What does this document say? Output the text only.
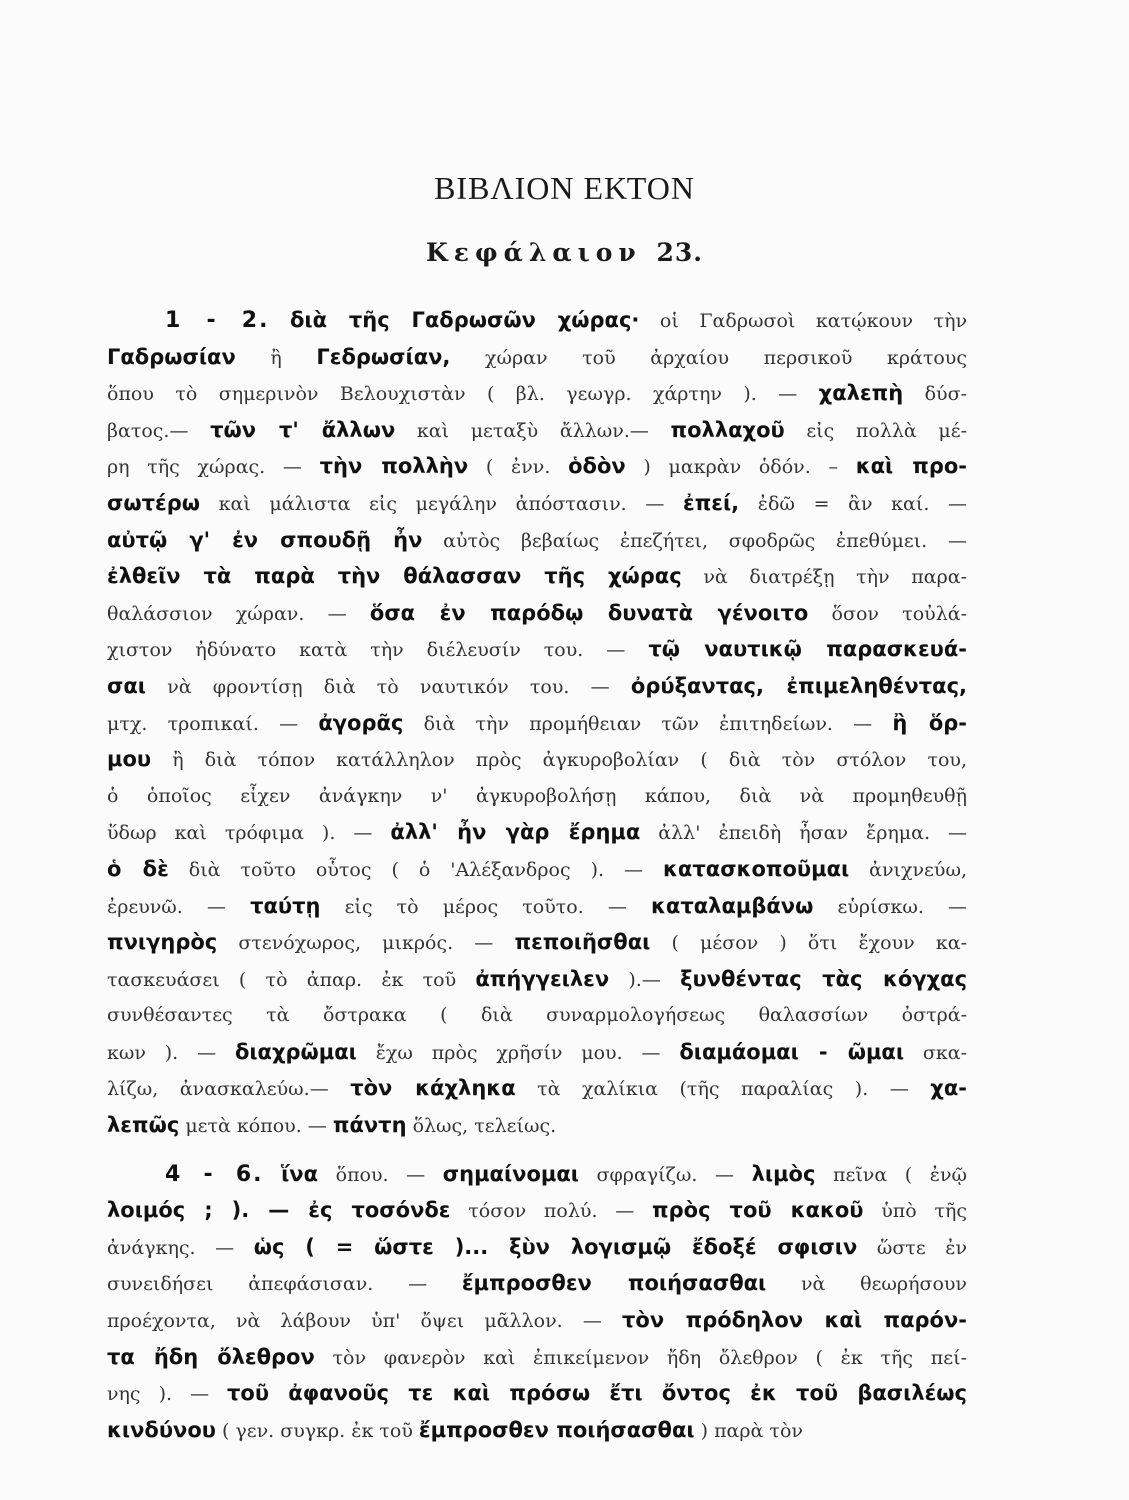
ΒΙΒΛΙΟΝ ΕΚΤΟΝ
Κεφάλαιον 23.
1 - 2. διὰ τῆς Γαδρωσῶν χώρας· οἱ Γαδρωσοὶ κατῴκουν τὴν
Γαδρωσίαν ἢ Γεδρωσίαν, χώραν τοῦ ἀρχαίου περσικοῦ κράτους
ὅπου τὸ σημερινὸν Βελουχιστὰν ( βλ. γεωγρ. χάρτην ). — χαλεπὴ δύσ-
βατος.— τῶν τ' ἄλλων καὶ μεταξὺ ἄλλων.— πολλαχοῦ εἰς πολλὰ μέ-
ρη τῆς χώρας. — τὴν πολλὴν ( ἐνν. ὁδὸν ) μακρὰν ὁδόν. – καὶ προ-
σωτέρω καὶ μάλιστα εἰς μεγάλην ἀπόστασιν. — ἐπεί, ἐδῶ = ἂν καί. —
αὐτῷ γ' ἐν σπουδῇ ἦν αὐτὸς βεβαίως ἐπεζήτει, σφοδρῶς ἐπεθύμει. —
ἐλθεῖν τὰ παρὰ τὴν θάλασσαν τῆς χώρας νὰ διατρέξῃ τὴν παρα-
θαλάσσιον χώραν. — ὅσα ἐν παρόδῳ δυνατὰ γένοιτο ὅσον τοὐλά-
χιστον ἠδύνατο κατὰ τὴν διέλευσίν του. — τῷ ναυτικῷ παρασκευά-
σαι νὰ φροντίσῃ διὰ τὸ ναυτικόν του. — ὀρύξαντας, ἐπιμεληθέντας,
μτχ. τροπικαί. — ἀγορᾶς διὰ τὴν προμήθειαν τῶν ἐπιτηδείων. — ἢ ὅρ-
μου ἢ διὰ τόπον κατάλληλον πρὸς ἀγκυροβολίαν ( διὰ τὸν στόλον του,
ὁ ὁποῖος εἶχεν ἀνάγκην ν' ἀγκυροβολήσῃ κάπου, διὰ νὰ προμηθευθῇ
ὕδωρ καὶ τρόφιμα ). — ἀλλ' ἦν γὰρ ἔρημα ἀλλ' ἐπειδὴ ἦσαν ἔρημα. —
ὁ δὲ διὰ τοῦτο οὗτος ( ὁ 'Αλέξανδρος ). — κατασκοποῦμαι ἀνιχνεύω,
ἐρευνῶ. — ταύτῃ εἰς τὸ μέρος τοῦτο. — καταλαμβάνω εὑρίσκω. —
πνιγηρὸς στενόχωρος, μικρός. — πεποιῆσθαι ( μέσον ) ὅτι ἔχουν κα-
τασκευάσει ( τὸ ἀπαρ. ἐκ τοῦ ἀπήγγειλεν ).— ξυνθέντας τὰς κόγχας
συνθέσαντες τὰ ὄστρακα ( διὰ συναρμολογήσεως θαλασσίων ὀστρά-
κων ). — διαχρῶμαι ἔχω πρὸς χρῆσίν μου. — διαμάομαι - ῶμαι σκα-
λίζω, ἀνασκαλεύω.— τὸν κάχληκα τὰ χαλίκια (τῆς παραλίας ). — χα-
λεπῶς μετὰ κόπου. — πάντη ὅλως, τελείως.
4 - 6. ἵνα ὅπου. — σημαίνομαι σφραγίζω. — λιμὸς πεῖνα ( ἐνῷ
λοιμός ; ). — ἐς τοσόνδε τόσον πολύ. — πρὸς τοῦ κακοῦ ὑπὸ τῆς
ἀνάγκης. — ὡς ( = ὥστε )... ξὺν λογισμῷ ἔδοξέ σφισιν ὥστε ἐν
συνειδήσει ἀπεφάσισαν. — ἔμπροσθεν ποιήσασθαι νὰ θεωρήσουν
προέχοντα, νὰ λάβουν ὑπ' ὄψει μᾶλλον. — τὸν πρόδηλον καὶ παρόν-
τα ἤδη ὄλεθρον τὸν φανερὸν καὶ ἐπικείμενον ἤδη ὄλεθρον ( ἐκ τῆς πεί-
νης ). — τοῦ ἀφανοῦς τε καὶ πρόσω ἔτι ὄντος ἐκ τοῦ βασιλέως
κινδύνου ( γεν. συγκρ. ἐκ τοῦ ἔμπροσθεν ποιήσασθαι ) παρὰ τὸν
